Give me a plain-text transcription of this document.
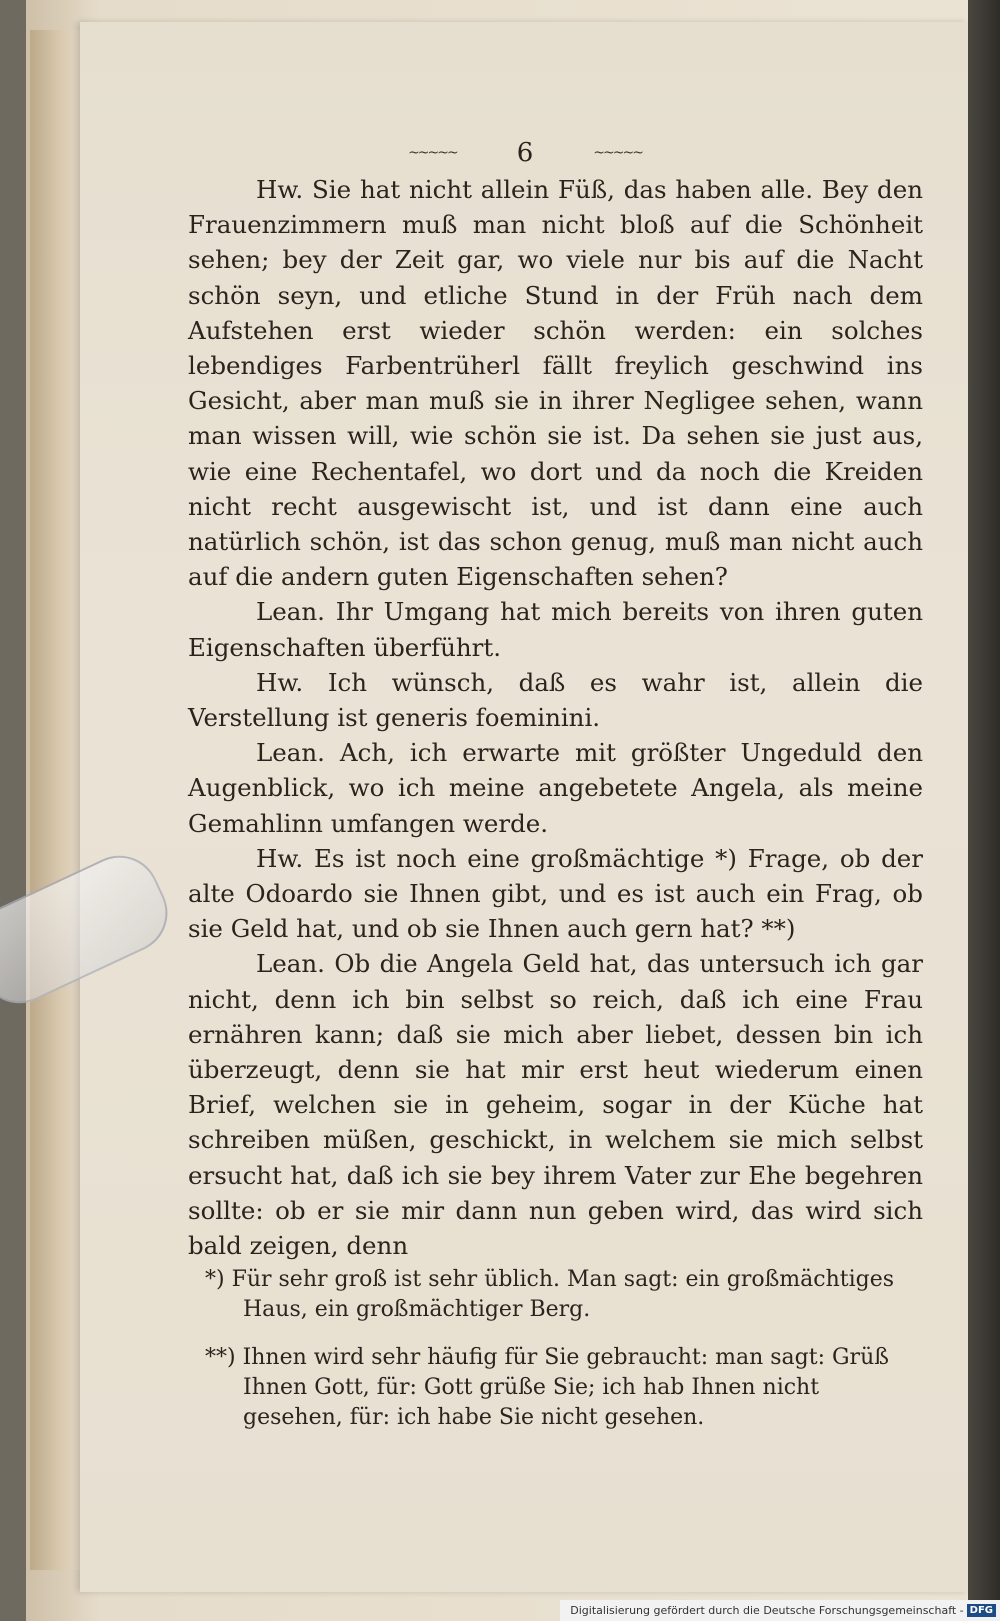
~~~~~ 6	~~~~~

Hw. Sie hat nicht allein Füß, das haben alle. Bey den Frauenzimmern muß man nicht bloß auf die Schönheit sehen; bey der Zeit gar, wo viele nur bis auf die Nacht schön seyn, und etliche Stund in der Früh nach dem Aufstehen erst wieder schön werden: ein solches lebendiges Farbentrüherl fällt freylich geschwind ins Gesicht, aber man muß sie in ihrer Negligee sehen, wann man wissen will, wie schön sie ist. Da sehen sie just aus, wie eine Rechentafel, wo dort und da noch die Kreiden nicht recht ausgewischt ist, und ist dann eine auch natürlich schön, ist das schon genug, muß man nicht auch auf die andern guten Eigenschaften sehen?

Lean. Ihr Umgang hat mich bereits von ihren guten Eigenschaften überführt.

Hw. Ich wünsch, daß es wahr ist, allein die Verstellung ist generis foeminini.

Lean. Ach, ich erwarte mit größter Ungeduld den Augenblick, wo ich meine angebetete Angela, als meine Gemahlinn umfangen werde.

Hw. Es ist noch eine großmächtige *) Frage, ob der alte Odoardo sie Ihnen gibt, und es ist auch ein Frag, ob sie Geld hat, und ob sie Ihnen auch gern hat? **)

Lean. Ob die Angela Geld hat, das untersuch ich gar nicht, denn ich bin selbst so reich, daß ich eine Frau ernähren kann; daß sie mich aber liebet, dessen bin ich überzeugt, denn sie hat mir erst heut wiederum einen Brief, welchen sie in geheim, sogar in der Küche hat schreiben müßen, geschickt, in welchem sie mich selbst ersucht hat, daß ich sie bey ihrem Vater zur Ehe begehren sollte: ob er sie mir dann nun geben wird, das wird sich bald zeigen, denn

*) Für sehr groß ist sehr üblich. Man sagt: ein großmächtiges Haus, ein großmächtiger Berg.

**) Ihnen wird sehr häufig für Sie gebraucht: man sagt: Grüß Ihnen Gott, für: Gott grüße Sie; ich hab Ihnen nicht gesehen, für: ich habe Sie nicht gesehen.

Digitalisierung gefördert durch die Deutsche Forschungsgemeinschaft - DFG
